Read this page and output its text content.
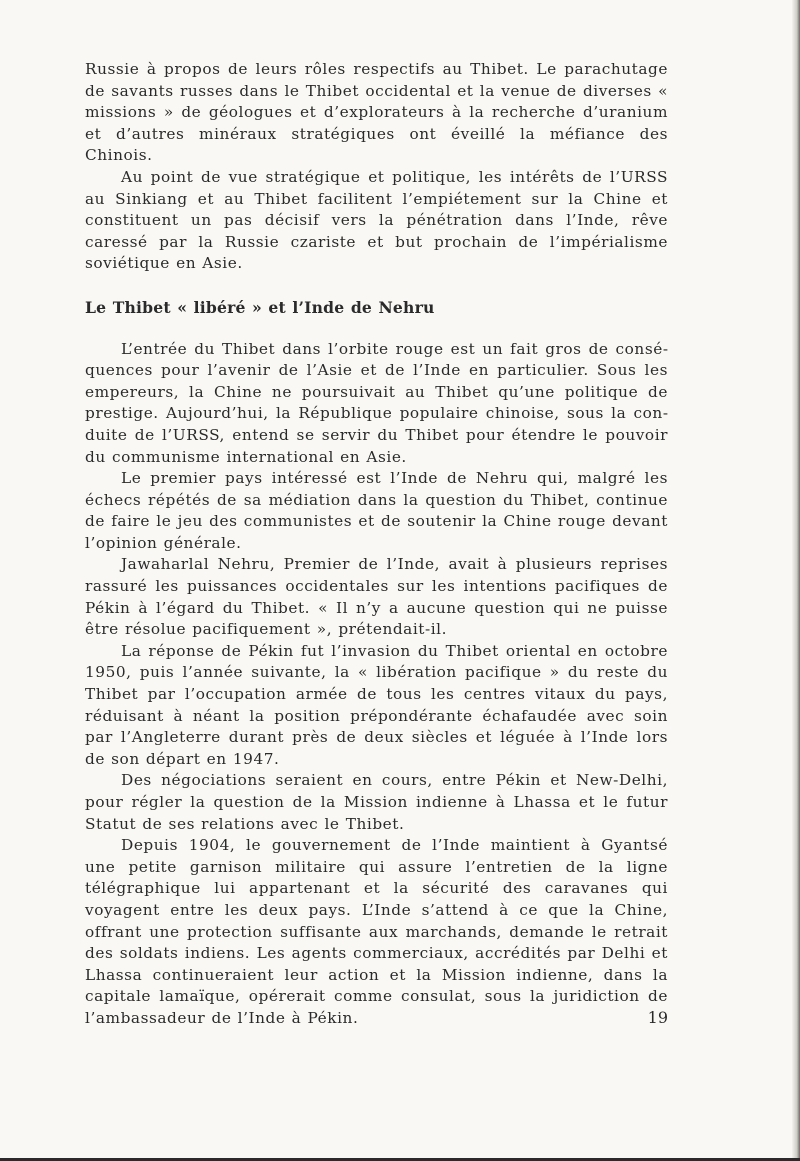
Russie à propos de leurs rôles respectifs au Thibet. Le parachutage de savants russes dans le Thibet occidental et la venue de diverses « missions » de géologues et d’explorateurs à la recherche d’uranium et d’autres minéraux stratégiques ont éveillé la méfiance des Chinois.

Au point de vue stratégique et politique, les intérêts de l’URSS au Sinkiang et au Thibet facilitent l’empiétement sur la Chine et constituent un pas décisif vers la pénétration dans l’Inde, rêve caressé par la Russie czariste et but prochain de l’impérialisme soviétique en Asie.

Le Thibet « libéré » et l’Inde de Nehru

L’entrée du Thibet dans l’orbite rouge est un fait gros de conséquences pour l’avenir de l’Asie et de l’Inde en particulier. Sous les empereurs, la Chine ne poursuivait au Thibet qu’une politique de prestige. Aujourd’hui, la République populaire chinoise, sous la conduite de l’URSS, entend se servir du Thibet pour étendre le pouvoir du communisme international en Asie.

Le premier pays intéressé est l’Inde de Nehru qui, malgré les échecs répétés de sa médiation dans la question du Thibet, continue de faire le jeu des communistes et de soutenir la Chine rouge devant l’opinion générale.

Jawaharlal Nehru, Premier de l’Inde, avait à plusieurs reprises rassuré les puissances occidentales sur les intentions pacifiques de Pékin à l’égard du Thibet. « Il n’y a aucune question qui ne puisse être résolue pacifiquement », prétendait-il.

La réponse de Pékin fut l’invasion du Thibet oriental en octobre 1950, puis l’année suivante, la « libération pacifique » du reste du Thibet par l’occupation armée de tous les centres vitaux du pays, réduisant à néant la position prépondérante échafaudée avec soin par l’Angleterre durant près de deux siècles et léguée à l’Inde lors de son départ en 1947.

Des négociations seraient en cours, entre Pékin et New-Delhi, pour régler la question de la Mission indienne à Lhassa et le futur Statut de ses relations avec le Thibet.

Depuis 1904, le gouvernement de l’Inde maintient à Gyantsé une petite garnison militaire qui assure l’entretien de la ligne télégraphique lui appartenant et la sécurité des caravanes qui voyagent entre les deux pays. L’Inde s’attend à ce que la Chine, offrant une protection suffisante aux marchands, demande le retrait des soldats indiens. Les agents commerciaux, accrédités par Delhi et Lhassa continueraient leur action et la Mission indienne, dans la capitale lamaïque, opérerait comme consulat, sous la juridiction de l’ambassadeur de l’Inde à Pékin.	19
